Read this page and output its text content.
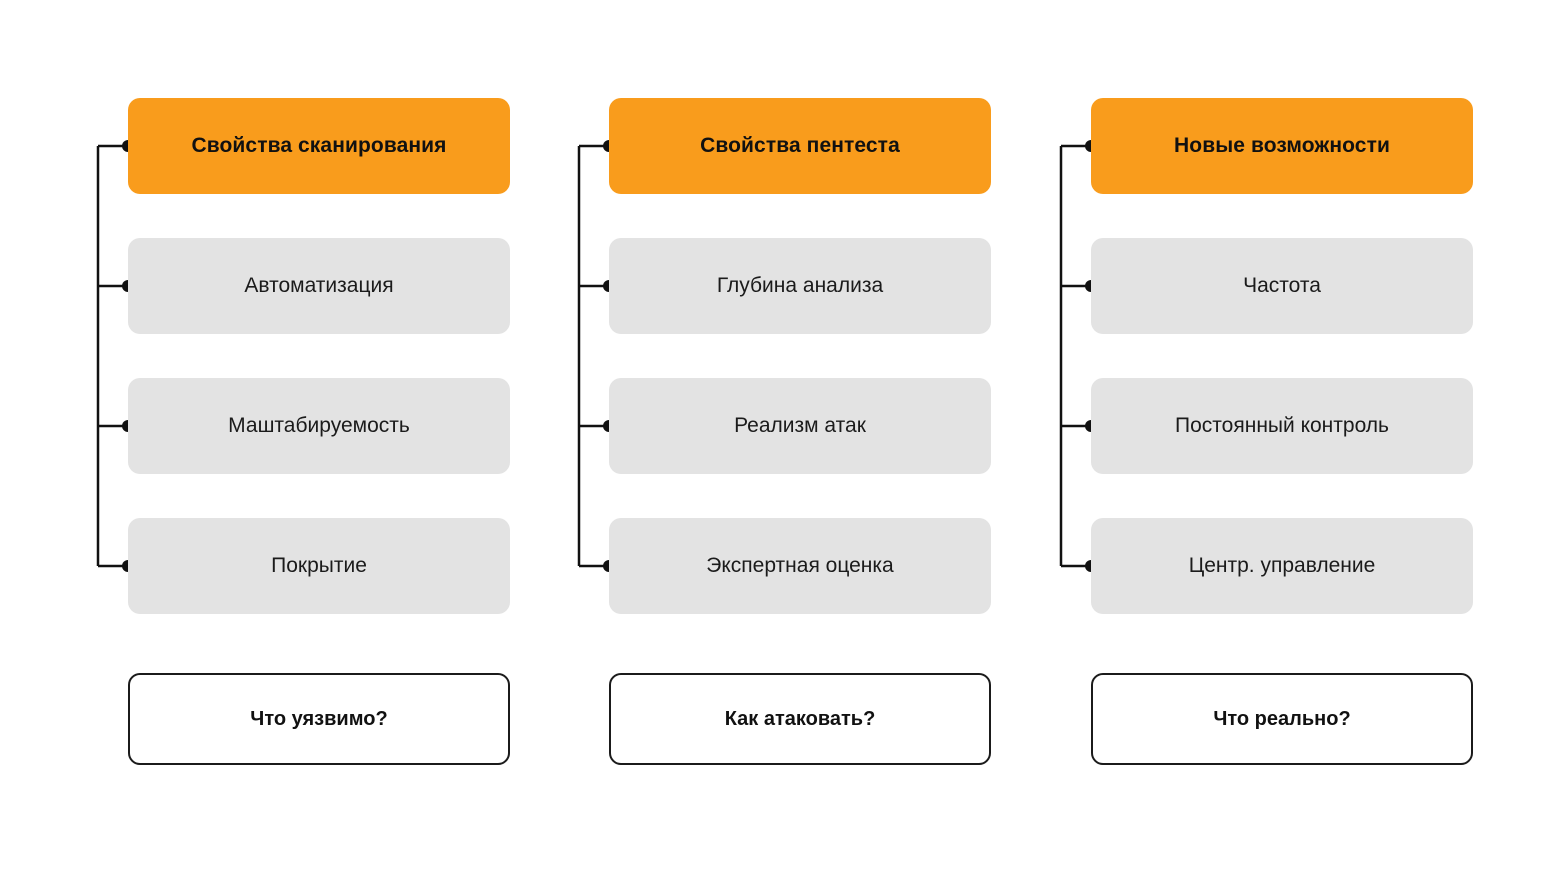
Свойства сканирования
Автоматизация
Маштабируемость
Покрытие
Что уязвимо?
Свойства пентеста
Глубина анализа
Реализм атак
Экспертная оценка
Как атаковать?
Новые возможности
Частота
Постоянный контроль
Центр. управление
Что реально?
